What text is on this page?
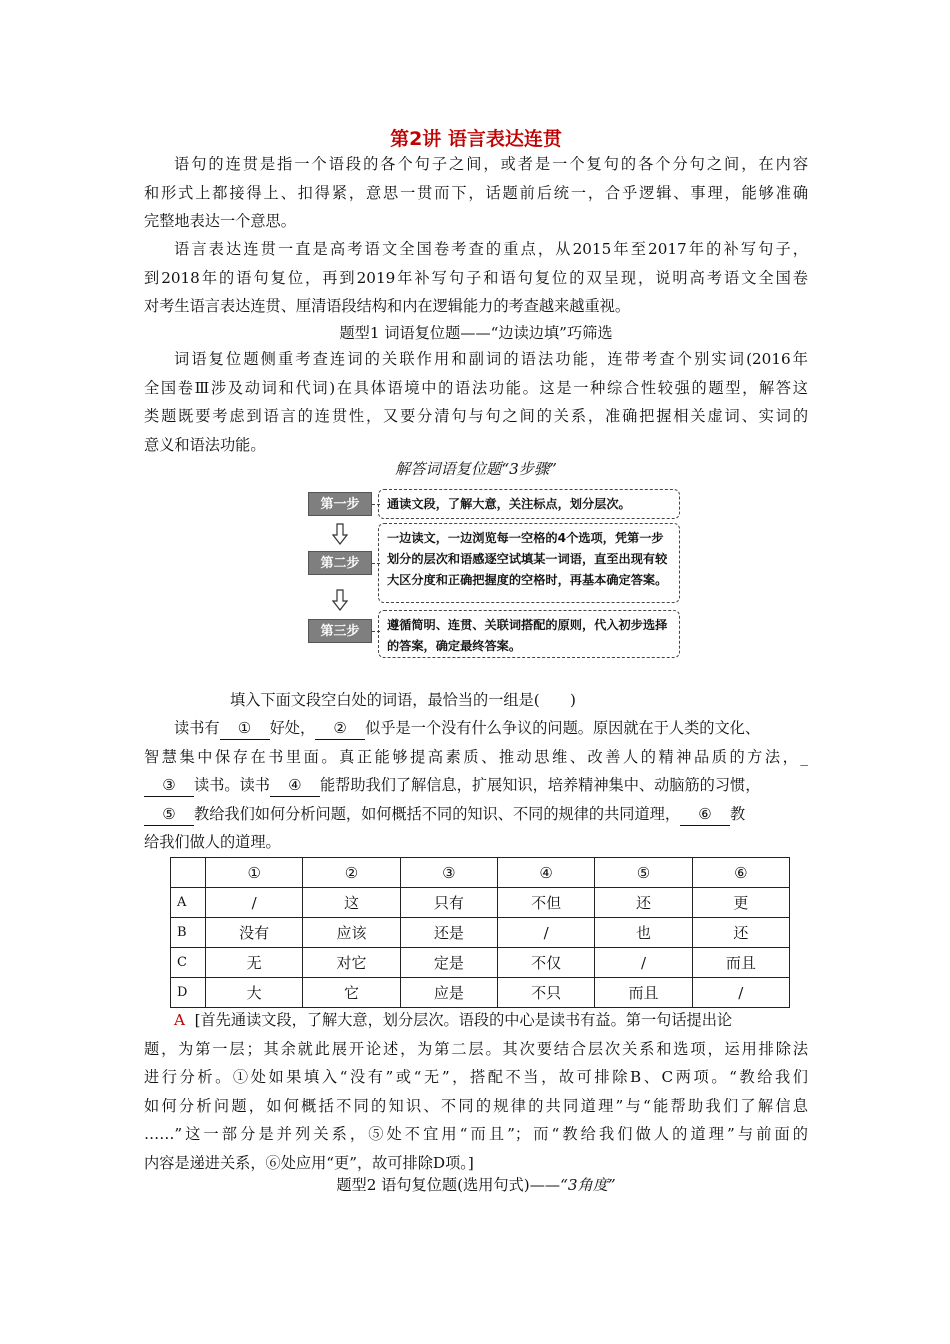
第2讲 语言表达连贯
语句的连贯是指一个语段的各个句子之间，或者是一个复句的各个分句之间，在内容
和形式上都接得上、扣得紧，意思一贯而下，话题前后统一，合乎逻辑、事理，能够准确
完整地表达一个意思。
语言表达连贯一直是高考语文全国卷考查的重点，从2015年至2017年的补写句子，
到2018年的语句复位，再到2019年补写句子和语句复位的双呈现，说明高考语文全国卷
对考生语言表达连贯、厘清语段结构和内在逻辑能力的考查越来越重视。
题型1 词语复位题——“边读边填”巧筛选
词语复位题侧重考查连词的关联作用和副词的语法功能，连带考查个别实词(2016年
全国卷Ⅲ涉及动词和代词)在具体语境中的语法功能。这是一种综合性较强的题型，解答这
类题既要考虑到语言的连贯性，又要分清句与句之间的关系，准确把握相关虚词、实词的
意义和语法功能。
解答词语复位题“3步骤”
第一步	通读文段，了解大意，关注标点，划分层次。
第二步
一边读文，一边浏览每一空格的4个选项，凭第一步划分的层次和语感逐空试填某一词语，直至出现有较大区分度和正确把握度的空格时，再基本确定答案。
第三步	遵循简明、连贯、关联词搭配的原则，代入初步选择的答案，确定最终答案。
填入下面文段空白处的词语，最恰当的一组是(　　)
读书有 ① 好处， ② 似乎是一个没有什么争议的问题。原因就在于人类的文化、
智慧集中保存在书里面。真正能够提高素质、推动思维、改善人的精神品质的方法，_
③ 读书。读书 ④ 能帮助我们了解信息，扩展知识，培养精神集中、动脑筋的习惯，
⑤ 教给我们如何分析问题，如何概括不同的知识、不同的规律的共同道理， ⑥ 教
给我们做人的道理。
	①	②	③	④	⑤	⑥
A	/	这	只有	不但	还	更
B	没有	应该	还是	/	也	还
C	无	对它	定是	不仅	/	而且
D	大	它	应是	不只	而且	/
A [首先通读文段，了解大意，划分层次。语段的中心是读书有益。第一句话提出论
题，为第一层；其余就此展开论述，为第二层。其次要结合层次关系和选项，运用排除法
进行分析。①处如果填入“没有”或“无”，搭配不当，故可排除B、C两项。“教给我们
如何分析问题，如何概括不同的知识、不同的规律的共同道理”与“能帮助我们了解信息
……”这一部分是并列关系，⑤处不宜用“而且”；而“教给我们做人的道理”与前面的
内容是递进关系，⑥处应用“更”，故可排除D项。]
题型2 语句复位题(选用句式)——“3角度”
